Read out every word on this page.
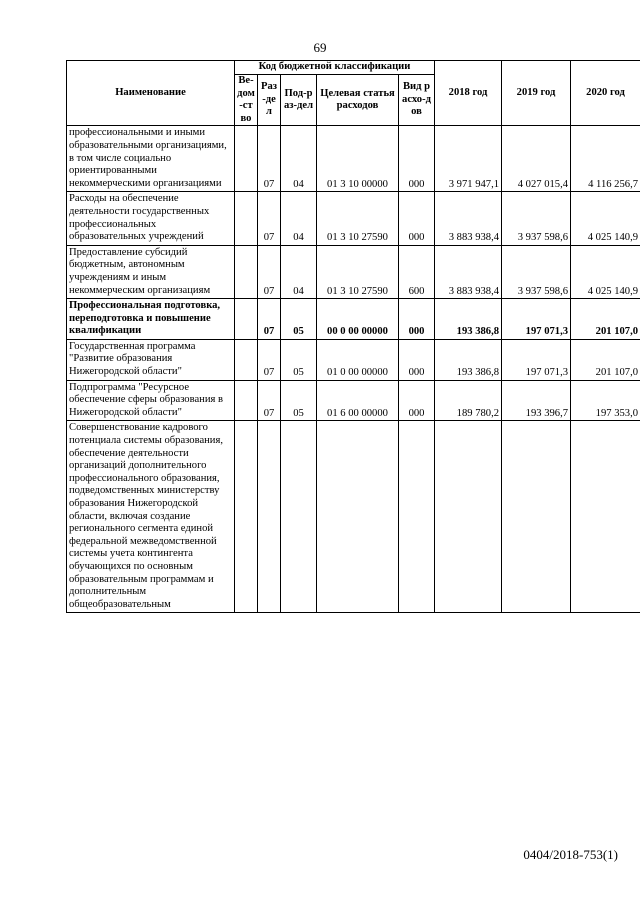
69
Наименование	Код бюджетной классификации					2018 год	2019 год	2020 год
	Ве-дом-ство	Раз-дел	Под-раз-дел	Целевая статья расходов	Вид расхо-дов			
профессиональными и иными образовательными организациями, в том числе социально ориентированными некоммерческими организациями		07	04	01 3 10 00000	000	3 971 947,1	4 027 015,4	4 116 256,7
Расходы на обеспечение деятельности государственных профессиональных образовательных учреждений		07	04	01 3 10 27590	000	3 883 938,4	3 937 598,6	4 025 140,9
Предоставление субсидий бюджетным, автономным учреждениям и иным некоммерческим организациям		07	04	01 3 10 27590	600	3 883 938,4	3 937 598,6	4 025 140,9
Профессиональная подготовка, переподготовка и повышение квалификации		07	05	00 0 00 00000	000	193 386,8	197 071,3	201 107,0
Государственная программа "Развитие образования Нижегородской области"		07	05	01 0 00 00000	000	193 386,8	197 071,3	201 107,0
Подпрограмма "Ресурсное обеспечение сферы образования в Нижегородской области"		07	05	01 6 00 00000	000	189 780,2	193 396,7	197 353,0
Совершенствование кадрового потенциала системы образования, обеспечение деятельности организаций дополнительного профессионального образования, подведомственных министерству образования Нижегородской области, включая создание регионального сегмента единой федеральной межведомственной системы учета контингента обучающихся по основным образовательным программам и дополнительным общеобразовательным								
0404/2018-753(1)
